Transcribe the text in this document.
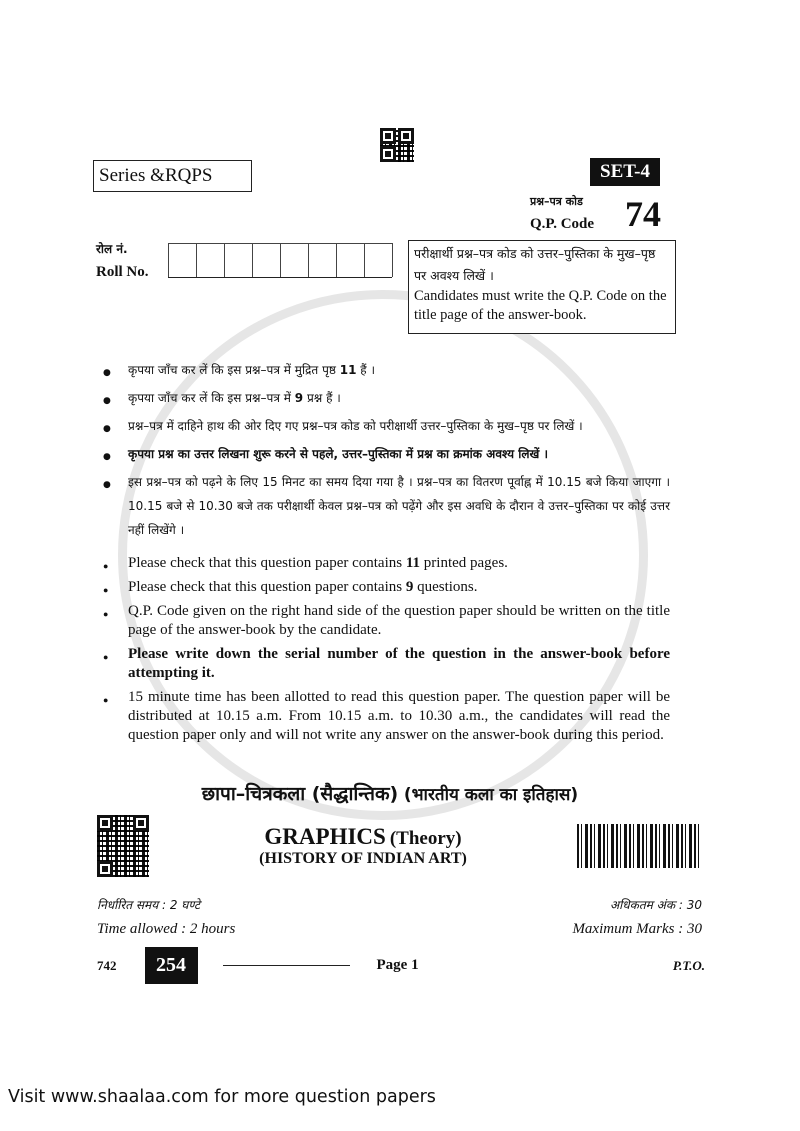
Series &RQPS	SET-4
प्रश्न–पत्र कोड
Q.P. Code 74
रोल नं.
Roll No.
परीक्षार्थी प्रश्न–पत्र कोड को उत्तर–पुस्तिका के मुख–पृष्ठ पर अवश्य लिखें ।
Candidates must write the Q.P. Code on the title page of the answer-book.
● कृपया जाँच कर लें कि इस प्रश्न–पत्र में मुद्रित पृष्ठ 11 हैं ।
● कृपया जाँच कर लें कि इस प्रश्न–पत्र में 9 प्रश्न हैं ।
● प्रश्न–पत्र में दाहिने हाथ की ओर दिए गए प्रश्न–पत्र कोड को परीक्षार्थी उत्तर–पुस्तिका के मुख–पृष्ठ पर लिखें ।
● कृपया प्रश्न का उत्तर लिखना शुरू करने से पहले, उत्तर–पुस्तिका में प्रश्न का क्रमांक अवश्य लिखें ।
● इस प्रश्न–पत्र को पढ़ने के लिए 15 मिनट का समय दिया गया है । प्रश्न–पत्र का वितरण पूर्वाह्न में 10.15 बजे किया जाएगा । 10.15 बजे से 10.30 बजे तक परीक्षार्थी केवल प्रश्न–पत्र को पढ़ेंगे और इस अवधि के दौरान वे उत्तर–पुस्तिका पर कोई उत्तर नहीं लिखेंगे ।
● Please check that this question paper contains 11 printed pages.
● Please check that this question paper contains 9 questions.
● Q.P. Code given on the right hand side of the question paper should be written on the title page of the answer-book by the candidate.
● Please write down the serial number of the question in the answer-book before attempting it.
● 15 minute time has been allotted to read this question paper. The question paper will be distributed at 10.15 a.m. From 10.15 a.m. to 10.30 a.m., the candidates will read the question paper only and will not write any answer on the answer-book during this period.
छापा–चित्रकला (सैद्धान्तिक) (भारतीय कला का इतिहास)
GRAPHICS (Theory)
(HISTORY OF INDIAN ART)
निर्धारित समय : 2 घण्टे
Time allowed : 2 hours
अधिकतम अंक : 30
Maximum Marks : 30
742	254	Page 1	P.T.O.
Visit www.shaalaa.com for more question papers
